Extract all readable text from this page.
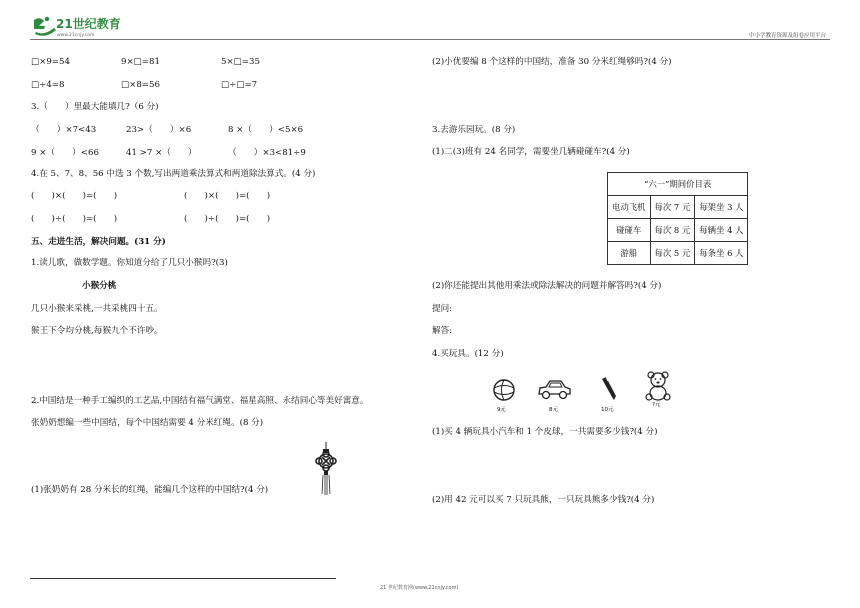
21世纪教育
www.21cnjy.com	中小学教育资源及组卷应用平台
□×9=54	9×□=81	5×□=35
□÷4=8	□×8=56	□÷□=7
3.（　　）里最大能填几?（6 分)
（　　）×7<43	23>（　　）×6	8 ×（　　）<5×6
9 ×（　　）<66	41 >7 ×（　　）	（　　）×3<81÷9
4.在 5、7、8、56 中选 3 个数,写出两道乘法算式和两道除法算式。(4 分)
(　　)×(　　)=(　　)	(　　)×(　　)=(　　)
(　　)÷(　　)=(　　)	(　　)÷(　　)=(　　)
五、走进生活，解决问题。(31 分)
1.读儿歌，做数学题。你知道分给了几只小猴吗?(3)
小猴分桃
几只小猴来采桃,一共采桃四十五。
猴王下令均分桃,每猴九个不许吵。
2.中国结是一种手工编织的工艺品,中国结有福气满堂、福星高照、永结同心等美好寓意。
张奶奶想编一些中国结，每个中国结需要 4 分米红绳。(8 分)
(1)张奶奶有 28 分米长的红绳，能编几个这样的中国结?(4 分)
(2)小优要编 8 个这样的中国结，准备 30 分米红绳够吗?(4 分)
3.去游乐园玩。(8 分)
(1)二(3)班有 24 名同学，需要坐几辆碰碰车?(4 分)
“六一”期间价目表		
电动飞机	每次 7 元	每架坐 3 人
碰碰车	每次 8 元	每辆坐 4 人
游船	每次 5 元	每条坐 6 人
(2)你还能提出其他用乘法或除法解决的问题并解答吗?(4 分)
提问:
解答:
4.买玩具。(12 分)
9元	8元	10元
?元
(1)买 4 辆玩具小汽车和 1 个皮球，一共需要多少钱?(4 分)
(2)用 42 元可以买 7 只玩具熊，一只玩具熊多少钱?(4 分)
21 世纪教育网(www.21cnjy.com)
